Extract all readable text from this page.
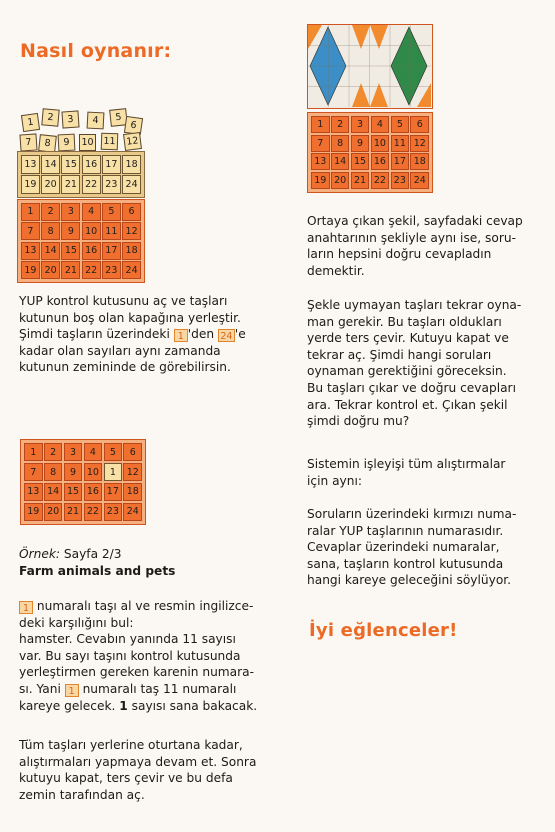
Nasıl oynanır:
1	2	3	4	5
6
7	8	9	10 11 12
13 14 15 16 17 18
19 20 21 22 23 24
1	2	3	4	5	6
7	8	9	10 11 12
13 14 15 16 17 18
19 20 21 22 23 24
YUP kontrol kutusunu aç ve taşları
kutunun boş olan kapağına yerleştir.
Şimdi taşların üzerindeki 1 'den 24 'e
kadar olan sayıları aynı zamanda
kutunun zemininde de görebilirsin.
1	2	3	4	5	6
7	8	9	10	1	12
13 14 15 16 17 18
19 20 21 22 23 24
Örnek: Sayfa 2/3
Farm animals and pets
1 numaralı taşı al ve resmin ingilizce-
deki karşılığını bul:
hamster. Cevabın yanında 11 sayısı
var. Bu sayı taşını kontrol kutusunda
yerleştirmen gereken karenin numara-
sı. Yani 1 numaralı taş 11 numaralı
kareye gelecek. 1 sayısı sana bakacak.
Tüm taşları yerlerine oturtana kadar,
alıştırmaları yapmaya devam et. Sonra
kutuyu kapat, ters çevir ve bu defa
zemin tarafından aç.
1	2	3	4	5	6
7	8	9	10 11 12
13 14 15 16 17 18
19 20 21 22 23 24
Ortaya çıkan şekil, sayfadaki cevap
anahtarının şekliyle aynı ise, soru-
ların hepsini doğru cevapladın
demektir.
Şekle uymayan taşları tekrar oyna-
man gerekir. Bu taşları oldukları
yerde ters çevir. Kutuyu kapat ve
tekrar aç. Şimdi hangi soruları
oynaman gerektiğini göreceksin.
Bu taşları çıkar ve doğru cevapları
ara. Tekrar kontrol et. Çıkan şekil
şimdi doğru mu?
Sistemin işleyişi tüm alıştırmalar
için aynı:
Soruların üzerindeki kırmızı numa-
ralar YUP taşlarının numarasıdır.
Cevaplar üzerindeki numaralar,
sana, taşların kontrol kutusunda
hangi kareye geleceğini söylüyor.
İyi eğlenceler!
